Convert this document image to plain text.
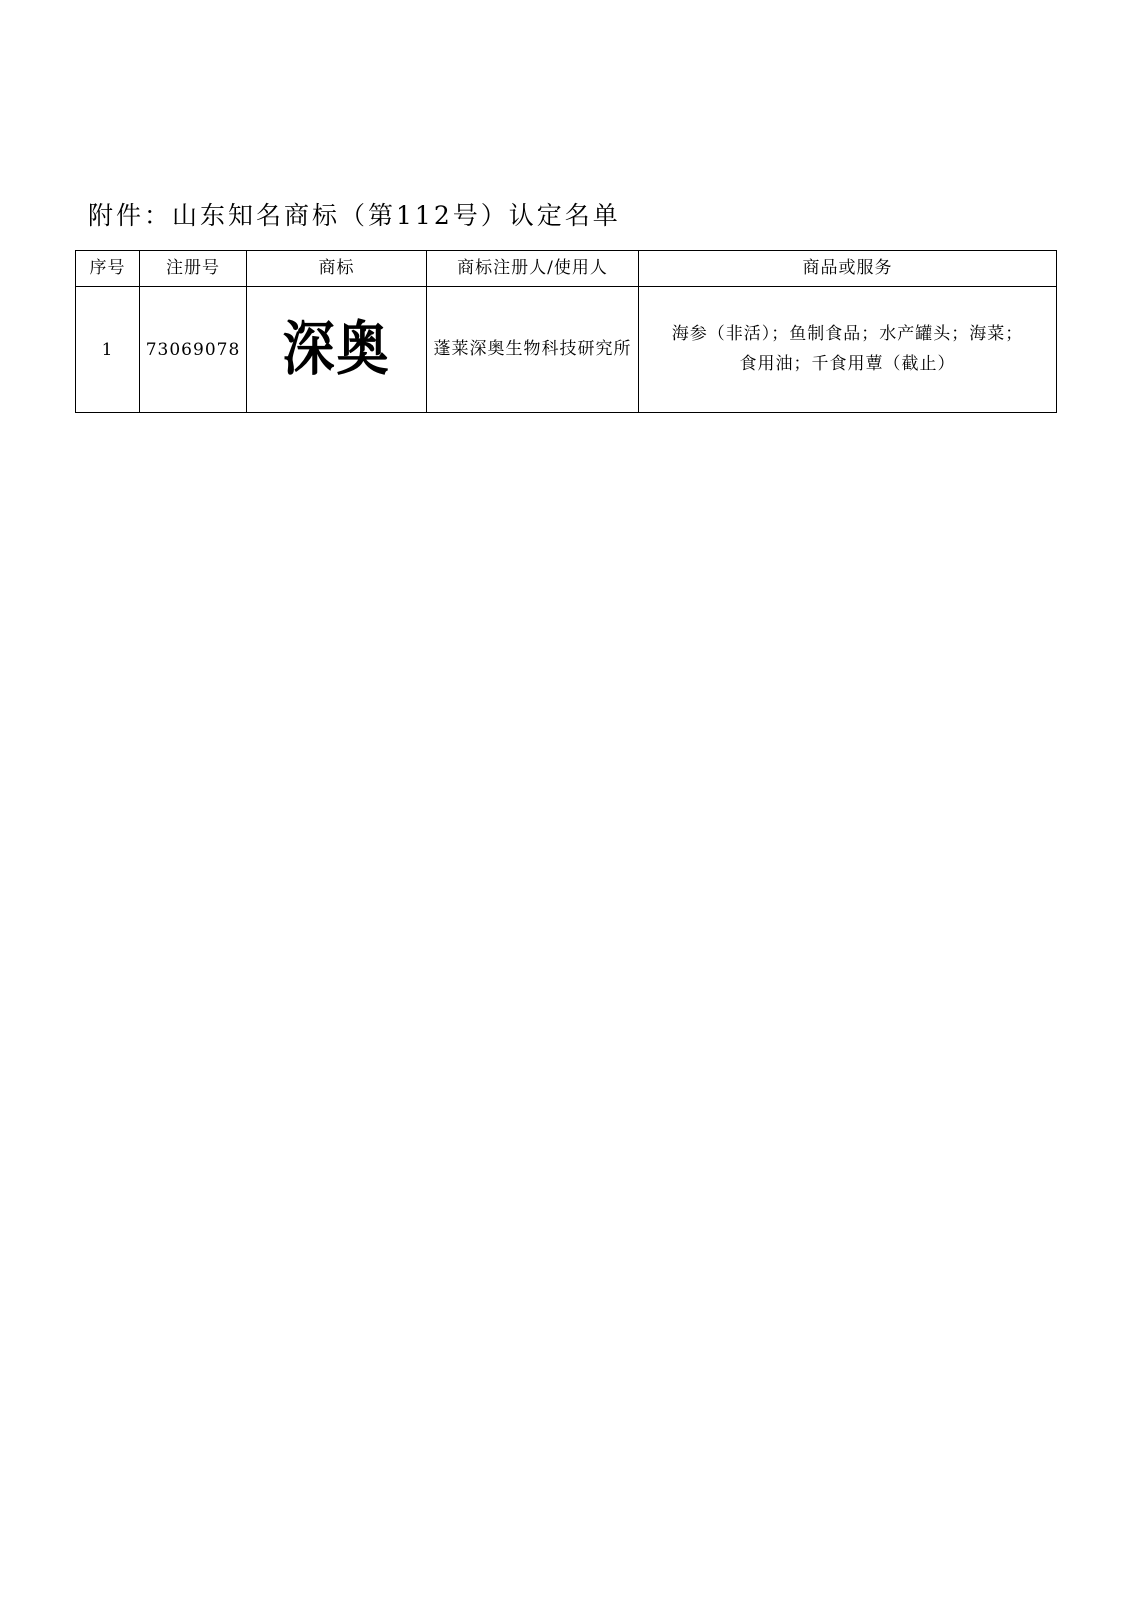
附件：山东知名商标（第112号）认定名单
序号	注册号	商标	商标注册人/使用人	商品或服务
1	73069078	深奥	蓬莱深奥生物科技研究所	海参（非活）；鱼制食品；水产罐头；海菜；
食用油；千食用蕈（截止）
